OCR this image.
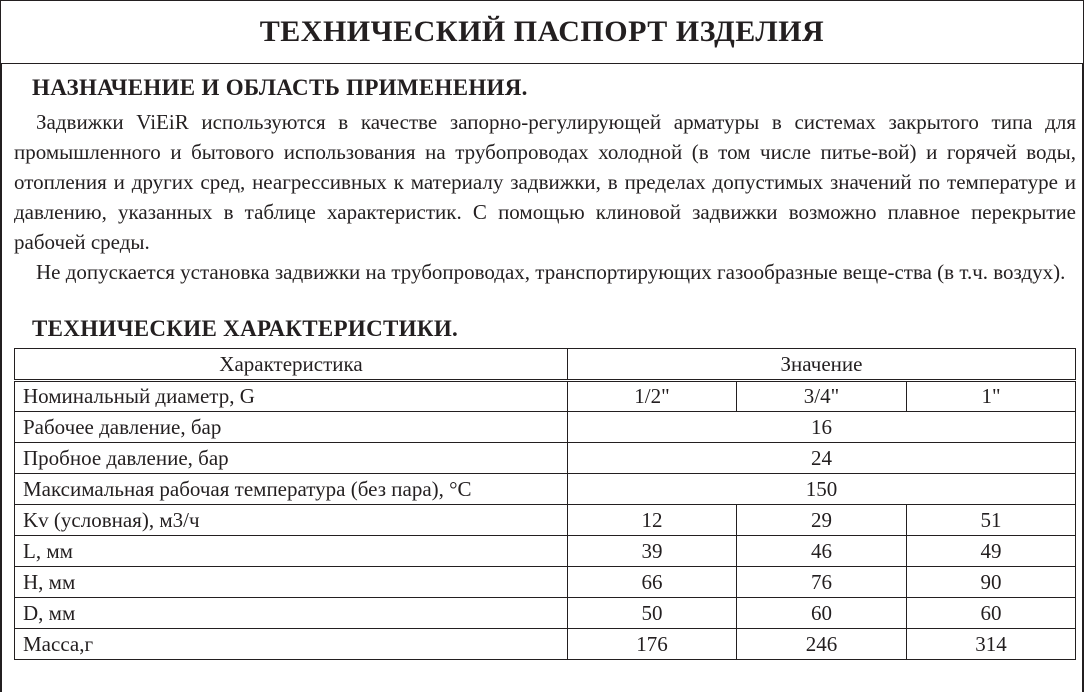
ТЕХНИЧЕСКИЙ ПАСПОРТ ИЗДЕЛИЯ
НАЗНАЧЕНИЕ И ОБЛАСТЬ ПРИМЕНЕНИЯ.
Задвижки ViEiR используются в качестве запорно-регулирующей арматуры в системах закрытого типа для промышленного и бытового использования на трубопроводах холодной (в том числе питье-вой) и горячей воды, отопления и других сред, неагрессивных к материалу задвижки, в пределах допустимых значений по температуре и давлению, указанных в таблице характеристик. С помощью клиновой задвижки возможно плавное перекрытие рабочей среды.
Не допускается установка задвижки на трубопроводах, транспортирующих газообразные веще-ства (в т.ч. воздух).
ТЕХНИЧЕСКИЕ ХАРАКТЕРИСТИКИ.
Характеристика	Значение		
Номинальный диаметр, G	1/2"	3/4"	1"
Рабочее давление, бар	16		
Пробное давление, бар	24		
Максимальная рабочая температура (без пара), °С	150		
Kv (условная), м3/ч	12	29	51
L, мм	39	46	49
H, мм	66	76	90
D, мм	50	60	60
Масса,г	176	246	314
